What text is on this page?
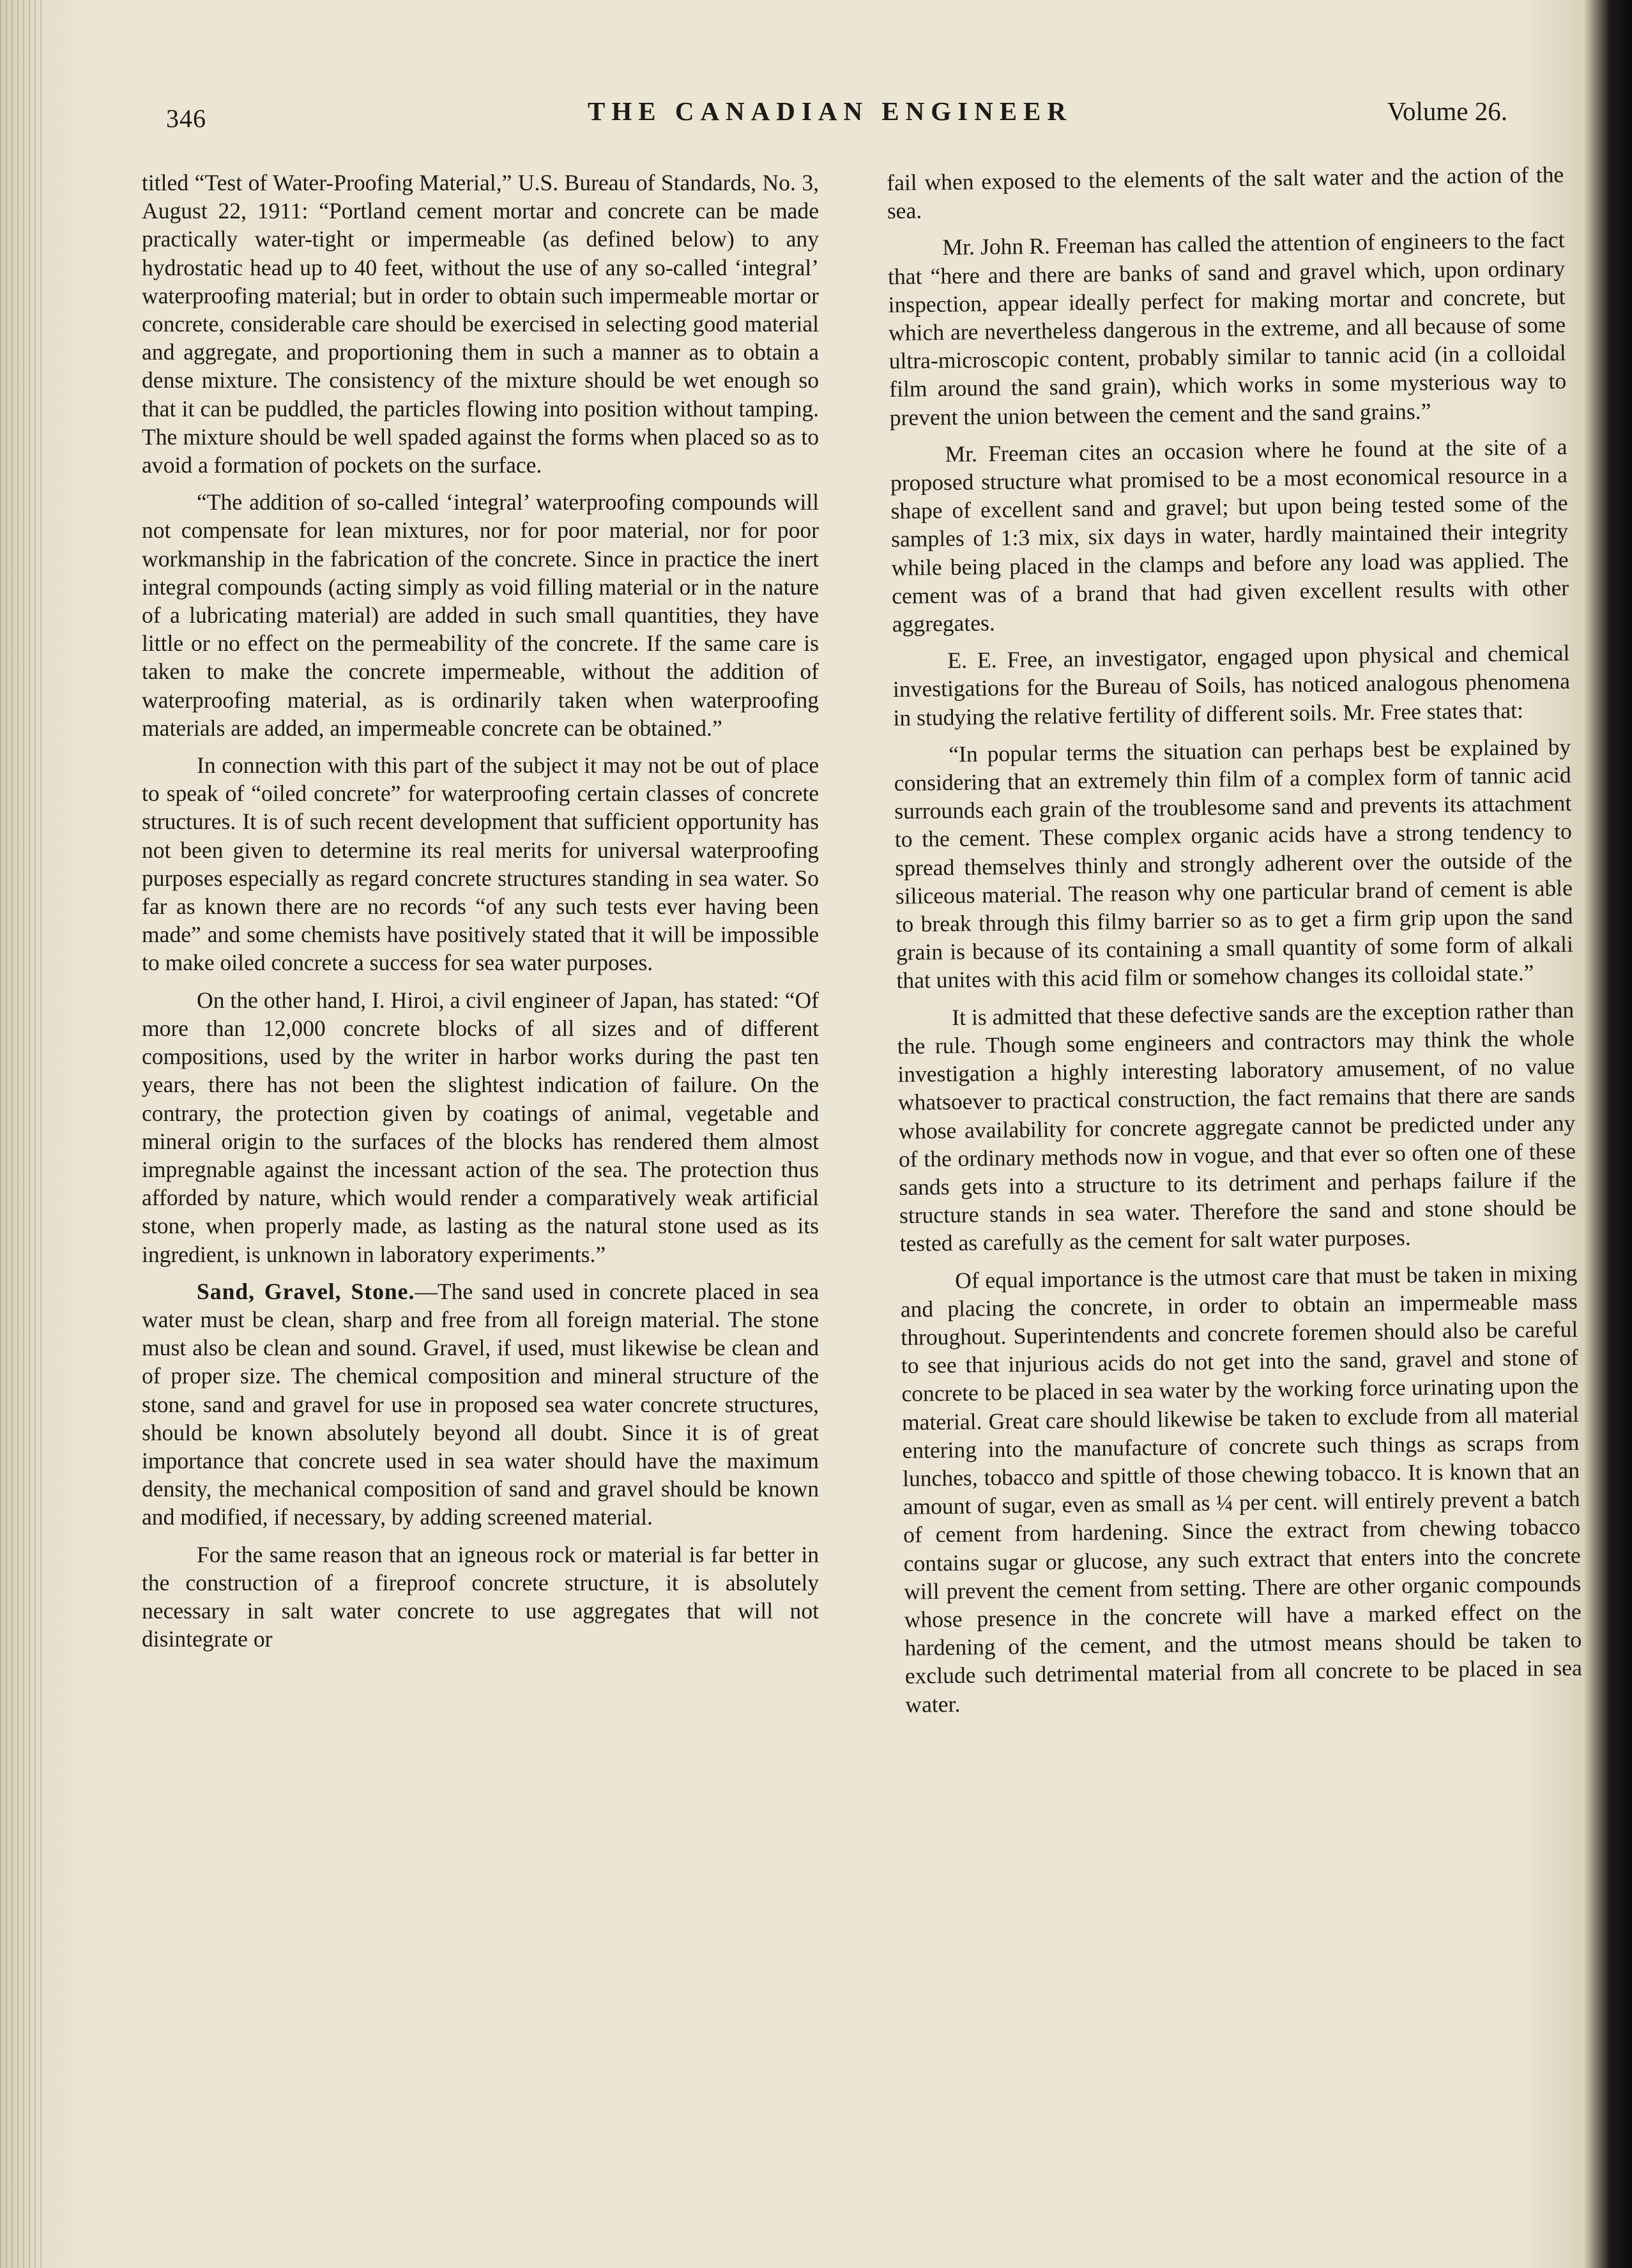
346	THE CANADIAN ENGINEER	Volume 26.

titled “Test of Water-Proofing Material,” U.S. Bureau of Standards, No. 3, August 22, 1911: “Portland cement mortar and concrete can be made practically water-tight or impermeable (as defined below) to any hydrostatic head up to 40 feet, without the use of any so-called ‘integral’ waterproofing material; but in order to obtain such impermeable mortar or concrete, considerable care should be exercised in selecting good material and aggregate, and proportioning them in such a manner as to obtain a dense mixture. The consistency of the mixture should be wet enough so that it can be puddled, the particles flowing into position without tamping. The mixture should be well spaded against the forms when placed so as to avoid a formation of pockets on the surface.

“The addition of so-called ‘integral’ waterproofing compounds will not compensate for lean mixtures, nor for poor material, nor for poor workmanship in the fabrication of the concrete. Since in practice the inert integral compounds (acting simply as void filling material or in the nature of a lubricating material) are added in such small quantities, they have little or no effect on the permeability of the concrete. If the same care is taken to make the concrete impermeable, without the addition of waterproofing material, as is ordinarily taken when waterproofing materials are added, an impermeable concrete can be obtained.”

In connection with this part of the subject it may not be out of place to speak of “oiled concrete” for waterproofing certain classes of concrete structures. It is of such recent development that sufficient opportunity has not been given to determine its real merits for universal waterproofing purposes especially as regard concrete structures standing in sea water. So far as known there are no records “of any such tests ever having been made” and some chemists have positively stated that it will be impossible to make oiled concrete a success for sea water purposes.

On the other hand, I. Hiroi, a civil engineer of Japan, has stated: “Of more than 12,000 concrete blocks of all sizes and of different compositions, used by the writer in harbor works during the past ten years, there has not been the slightest indication of failure. On the contrary, the protection given by coatings of animal, vegetable and mineral origin to the surfaces of the blocks has rendered them almost impregnable against the incessant action of the sea. The protection thus afforded by nature, which would render a comparatively weak artificial stone, when properly made, as lasting as the natural stone used as its ingredient, is unknown in laboratory experiments.”

Sand, Gravel, Stone.—The sand used in concrete placed in sea water must be clean, sharp and free from all foreign material. The stone must also be clean and sound. Gravel, if used, must likewise be clean and of proper size. The chemical composition and mineral structure of the stone, sand and gravel for use in proposed sea water concrete structures, should be known absolutely beyond all doubt. Since it is of great importance that concrete used in sea water should have the maximum density, the mechanical composition of sand and gravel should be known and modified, if necessary, by adding screened material.

For the same reason that an igneous rock or material is far better in the construction of a fireproof concrete structure, it is absolutely necessary in salt water concrete to use aggregates that will not disintegrate or

fail when exposed to the elements of the salt water and the action of the sea.

Mr. John R. Freeman has called the attention of engineers to the fact that “here and there are banks of sand and gravel which, upon ordinary inspection, appear ideally perfect for making mortar and concrete, but which are nevertheless dangerous in the extreme, and all because of some ultra-microscopic content, probably similar to tannic acid (in a colloidal film around the sand grain), which works in some mysterious way to prevent the union between the cement and the sand grains.”

Mr. Freeman cites an occasion where he found at the site of a proposed structure what promised to be a most economical resource in a shape of excellent sand and gravel; but upon being tested some of the samples of 1:3 mix, six days in water, hardly maintained their integrity while being placed in the clamps and before any load was applied. The cement was of a brand that had given excellent results with other aggregates.

E. E. Free, an investigator, engaged upon physical and chemical investigations for the Bureau of Soils, has noticed analogous phenomena in studying the relative fertility of different soils. Mr. Free states that:

“In popular terms the situation can perhaps best be explained by considering that an extremely thin film of a complex form of tannic acid surrounds each grain of the troublesome sand and prevents its attachment to the cement. These complex organic acids have a strong tendency to spread themselves thinly and strongly adherent over the outside of the siliceous material. The reason why one particular brand of cement is able to break through this filmy barrier so as to get a firm grip upon the sand grain is because of its containing a small quantity of some form of alkali that unites with this acid film or somehow changes its colloidal state.”

It is admitted that these defective sands are the exception rather than the rule. Though some engineers and contractors may think the whole investigation a highly interesting laboratory amusement, of no value whatsoever to practical construction, the fact remains that there are sands whose availability for concrete aggregate cannot be predicted under any of the ordinary methods now in vogue, and that ever so often one of these sands gets into a structure to its detriment and perhaps failure if the structure stands in sea water. Therefore the sand and stone should be tested as carefully as the cement for salt water purposes.

Of equal importance is the utmost care that must be taken in mixing and placing the concrete, in order to obtain an impermeable mass throughout. Superintendents and concrete foremen should also be careful to see that injurious acids do not get into the sand, gravel and stone of concrete to be placed in sea water by the working force urinating upon the material. Great care should likewise be taken to exclude from all material entering into the manufacture of concrete such things as scraps from lunches, tobacco and spittle of those chewing tobacco. It is known that an amount of sugar, even as small as ¼ per cent. will entirely prevent a batch of cement from hardening. Since the extract from chewing tobacco contains sugar or glucose, any such extract that enters into the concrete will prevent the cement from setting. There are other organic compounds whose presence in the concrete will have a marked effect on the hardening of the cement, and the utmost means should be taken to exclude such detrimental material from all concrete to be placed in sea water.
